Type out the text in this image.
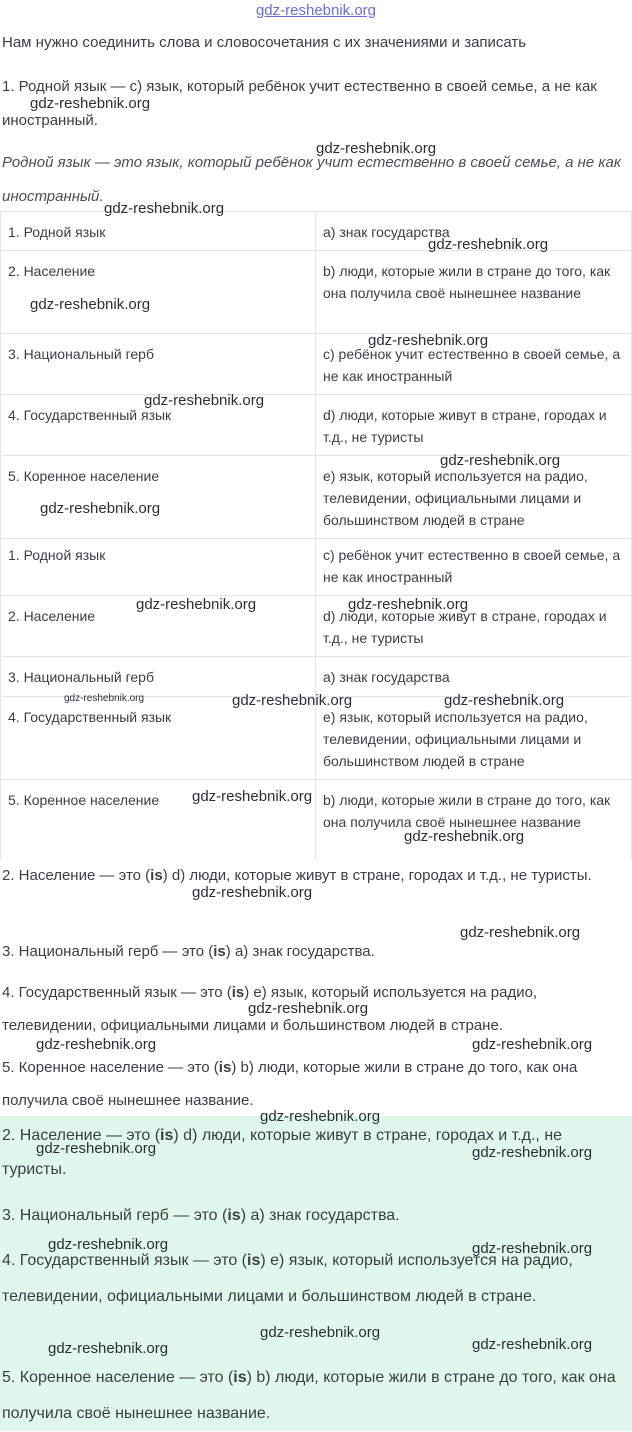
gdz-reshebnik.org
Нам нужно соединить слова и словосочетания с их значениями и записать
1. Родной язык — c) язык, который ребёнок учит естественно в своей семье, а не как иностранный.
Родной язык — это язык, который ребёнок учит естественно в своей семье, а не как иностранный.
1. Родной язык	a) знак государства
2. Население	b) люди, которые жили в стране до того, как она получила своё нынешнее название
3. Национальный герб	c) ребёнок учит естественно в своей семье, а не как иностранный
4. Государственный язык	d) люди, которые живут в стране, городах и т.д., не туристы
5. Коренное население	e) язык, который используется на радио, телевидении, официальными лицами и большинством людей в стране
1. Родной язык	c) ребёнок учит естественно в своей семье, а не как иностранный
2. Население	d) люди, которые живут в стране, городах и т.д., не туристы
3. Национальный герб	a) знак государства
4. Государственный язык	e) язык, который используется на радио, телевидении, официальными лицами и большинством людей в стране
5. Коренное население	b) люди, которые жили в стране до того, как она получила своё нынешнее название
2. Население — это (is) d) люди, которые живут в стране, городах и т.д., не туристы.
3. Национальный герб — это (is) a) знак государства.
4. Государственный язык — это (is) e) язык, который используется на радио, телевидении, официальными лицами и большинством людей в стране.
5. Коренное население — это (is) b) люди, которые жили в стране до того, как она получила своё нынешнее название.
2. Население — это (is) d) люди, которые живут в стране, городах и т.д., не туристы.
3. Национальный герб — это (is) a) знак государства.
4. Государственный язык — это (is) e) язык, который используется на радио, телевидении, официальными лицами и большинством людей в стране.
5. Коренное население — это (is) b) люди, которые жили в стране до того, как она получила своё нынешнее название.
gdz-reshebnik.org
gdz-reshebnik.org
gdz-reshebnik.org
gdz-reshebnik.org
gdz-reshebnik.org
gdz-reshebnik.org
gdz-reshebnik.org
gdz-reshebnik.org
gdz-reshebnik.org
gdz-reshebnik.org	gdz-reshebnik.org
gdz-reshebnik.org	gdz-reshebnik.org	gdz-reshebnik.org
gdz-reshebnik.org
gdz-reshebnik.org
gdz-reshebnik.org
gdz-reshebnik.org
gdz-reshebnik.org
gdz-reshebnik.org	gdz-reshebnik.org
gdz-reshebnik.org
gdz-reshebnik.org	gdz-reshebnik.org
gdz-reshebnik.org	gdz-reshebnik.org
gdz-reshebnik.org
gdz-reshebnik.org	gdz-reshebnik.org
